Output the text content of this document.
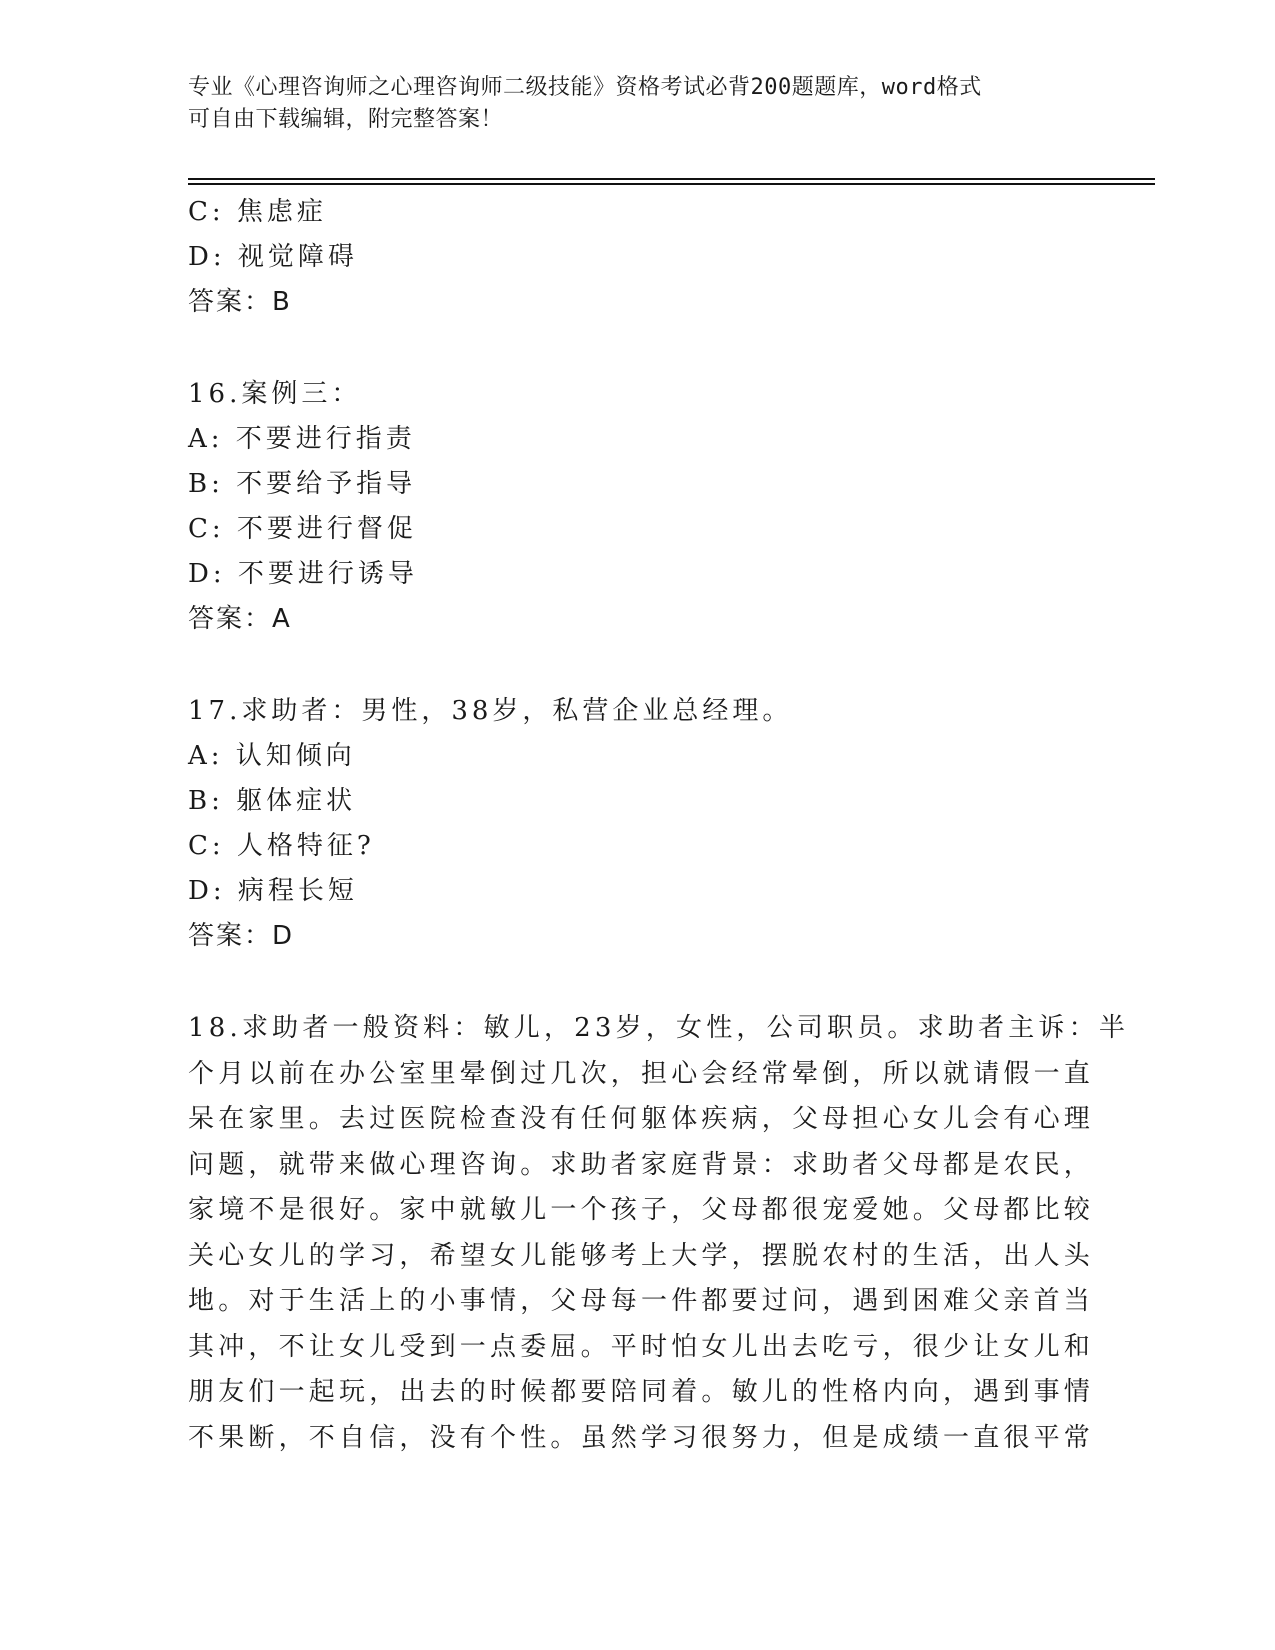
专业《心理咨询师之心理咨询师二级技能》资格考试必背200题题库，word格式
可自由下载编辑，附完整答案！
C: 焦虑症
D: 视觉障碍
答案：B
16.案例三：
A: 不要进行指责
B: 不要给予指导
C: 不要进行督促
D: 不要进行诱导
答案：A
17.求助者：男性，38岁，私营企业总经理。
A: 认知倾向
B: 躯体症状
C: 人格特征?
D: 病程长短
答案：D
18.求助者一般资料：敏儿，23岁，女性，公司职员。求助者主诉：半
个月以前在办公室里晕倒过几次，担心会经常晕倒，所以就请假一直
呆在家里。去过医院检查没有任何躯体疾病，父母担心女儿会有心理
问题，就带来做心理咨询。求助者家庭背景：求助者父母都是农民，
家境不是很好。家中就敏儿一个孩子，父母都很宠爱她。父母都比较
关心女儿的学习，希望女儿能够考上大学，摆脱农村的生活，出人头
地。对于生活上的小事情，父母每一件都要过问，遇到困难父亲首当
其冲，不让女儿受到一点委屈。平时怕女儿出去吃亏，很少让女儿和
朋友们一起玩，出去的时候都要陪同着。敏儿的性格内向，遇到事情
不果断，不自信，没有个性。虽然学习很努力，但是成绩一直很平常
